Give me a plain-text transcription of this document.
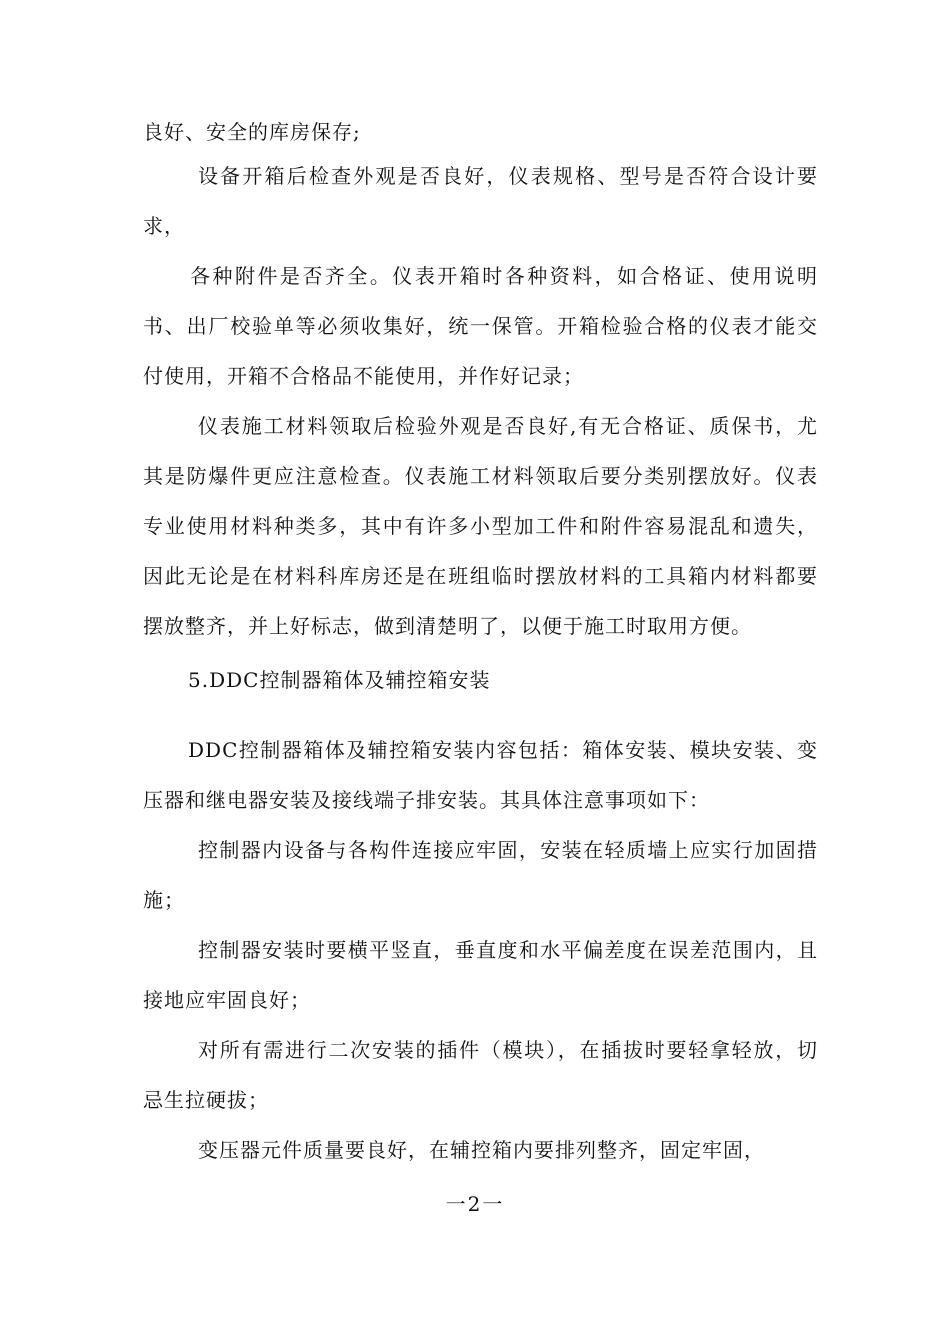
良好、安全的库房保存;
设备开箱后检查外观是否良好，仪表规格、型号是否符合设计要
求，
各种附件是否齐全。仪表开箱时各种资料，如合格证、使用说明
书、出厂校验单等必须收集好，统一保管。开箱检验合格的仪表才能交
付使用，开箱不合格品不能使用，并作好记录；
仪表施工材料领取后检验外观是否良好,有无合格证、质保书，尤
其是防爆件更应注意检查。仪表施工材料领取后要分类别摆放好。仪表
专业使用材料种类多，其中有许多小型加工件和附件容易混乱和遗失，
因此无论是在材料科库房还是在班组临时摆放材料的工具箱内材料都要
摆放整齐，并上好标志，做到清楚明了，以便于施工时取用方便。
5.DDC控制器箱体及辅控箱安装
DDC控制器箱体及辅控箱安装内容包括：箱体安装、模块安装、变
压器和继电器安装及接线端子排安装。其具体注意事项如下：
控制器内设备与各构件连接应牢固，安装在轻质墙上应实行加固措
施；
控制器安装时要横平竖直，垂直度和水平偏差度在误差范围内，且
接地应牢固良好；
对所有需进行二次安装的插件（模块），在插拔时要轻拿轻放，切
忌生拉硬拔；
变压器元件质量要良好，在辅控箱内要排列整齐，固定牢固，
一2一
